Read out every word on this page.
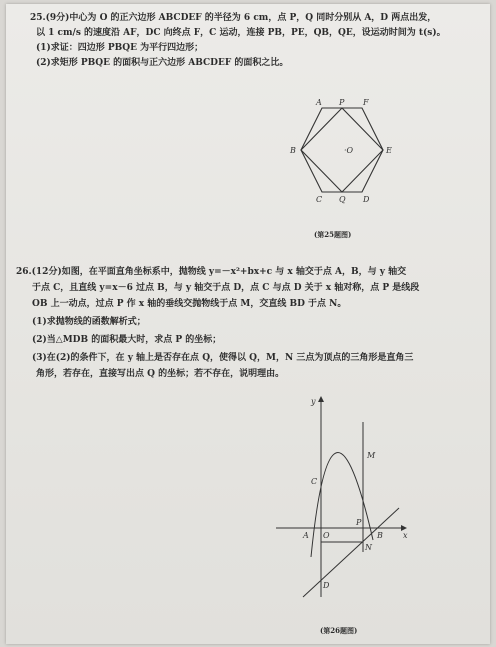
25.(9分)中心为 O 的正六边形 ABCDEF 的半径为 6 cm，点 P，Q 同时分别从 A，D 两点出发，
以 1 cm/s 的速度沿 AF，DC 向终点 F，C 运动，连接 PB，PE，QB，QE，设运动时间为 t(s)。
(1)求证：四边形 PBQE 为平行四边形；
(2)求矩形 PBQE 的面积与正六边形 ABCDEF 的面积之比。
A P F
B	·O	E
C Q D
(第25题图)
26.(12分)如图，在平面直角坐标系中，抛物线 y=－x²+bx+c 与 x 轴交于点 A，B，与 y 轴交
于点 C，且直线 y=x－6 过点 B，与 y 轴交于点 D，点 C 与点 D 关于 x 轴对称，点 P 是线段
OB 上一动点，过点 P 作 x 轴的垂线交抛物线于点 M，交直线 BD 于点 N。
(1)求抛物线的函数解析式；
(2)当△MDB 的面积最大时，求点 P 的坐标；
(3)在(2)的条件下，在 y 轴上是否存在点 Q，使得以 Q，M，N 三点为顶点的三角形是直角三
角形，若存在，直接写出点 Q 的坐标；若不存在，说明理由。
y
C
M
P
A O	B	x
N
D
(第26题图)
